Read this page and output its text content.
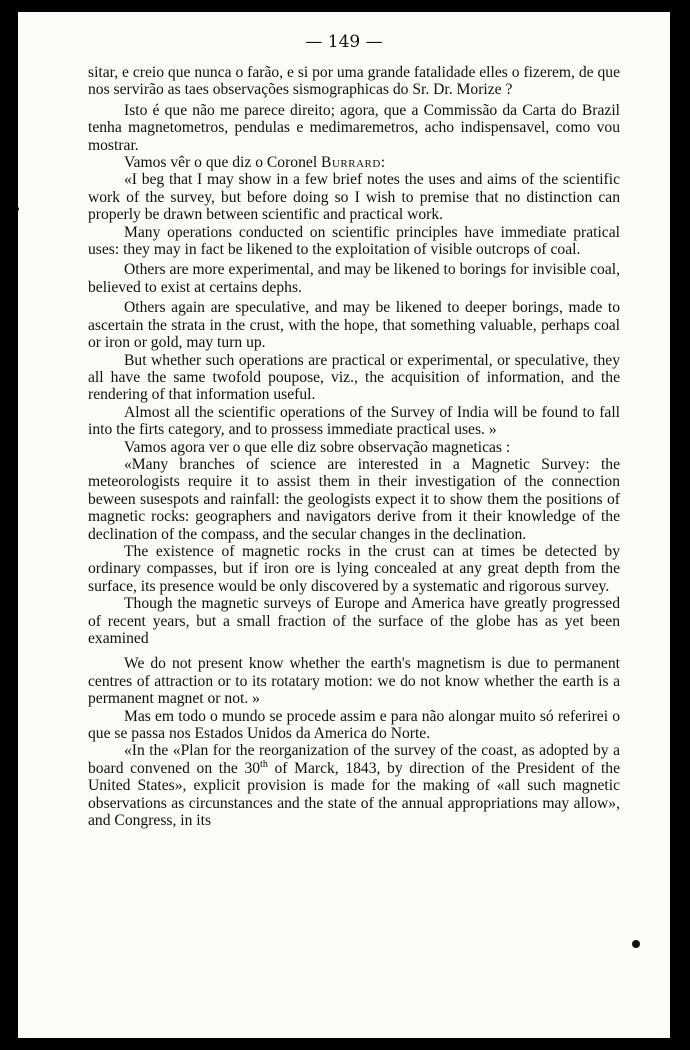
— 149 —

sitar, e creio que nunca o farão, e si por uma grande fatalidade elles o fizerem, de que nos servirão as taes observações sismographicas do Sr. Dr. Morize ?

Isto é que não me parece direito; agora, que a Commissão da Carta do Brazil tenha magnetometros, pendulas e medimaremetros, acho indispensavel, como vou mostrar.

Vamos vêr o que diz o Coronel Burrard:

«I beg that I may show in a few brief notes the uses and aims of the scientific work of the survey, but before doing so I wish to premise that no distinction can properly be drawn between scientific and practical work.

Many operations conducted on scientific principles have immediate pratical uses: they may in fact be likened to the exploitation of visible outcrops of coal.

Others are more experimental, and may be likened to borings for invisible coal, believed to exist at certains dephs.

Others again are speculative, and may be likened to deeper borings, made to ascertain the strata in the crust, with the hope, that something valuable, perhaps coal or iron or gold, may turn up.

But whether such operations are practical or experimental, or speculative, they all have the same twofold poupose, viz., the acquisition of information, and the rendering of that information useful.

Almost all the scientific operations of the Survey of India will be found to fall into the firts category, and to prossess immediate practical uses. »

Vamos agora ver o que elle diz sobre observação magneticas :

«Many branches of science are interested in a Magnetic Survey: the meteorologists require it to assist them in their investigation of the connection beween susespots and rainfall: the geologists expect it to show them the positions of magnetic rocks: geographers and navigators derive from it their knowledge of the declination of the compass, and the secular changes in the declination.

The existence of magnetic rocks in the crust can at times be detected by ordinary compasses, but if iron ore is lying concealed at any great depth from the surface, its presence would be only discovered by a systematic and rigorous survey.

Though the magnetic surveys of Europe and America have greatly progressed of recent years, but a small fraction of the surface of the globe has as yet been examined

We do not present know whether the earth's magnetism is due to permanent centres of attraction or to its rotatary motion: we do not know whether the earth is a permanent magnet or not. »

Mas em todo o mundo se procede assim e para não alongar muito só referirei o que se passa nos Estados Unidos da America do Norte.

«In the «Plan for the reorganization of the survey of the coast, as adopted by a board convened on the 30th of Marck, 1843, by direction of the President of the United States», explicit provision is made for the making of «all such magnetic observations as circunstances and the state of the annual appropriations may allow», and Congress, in its
